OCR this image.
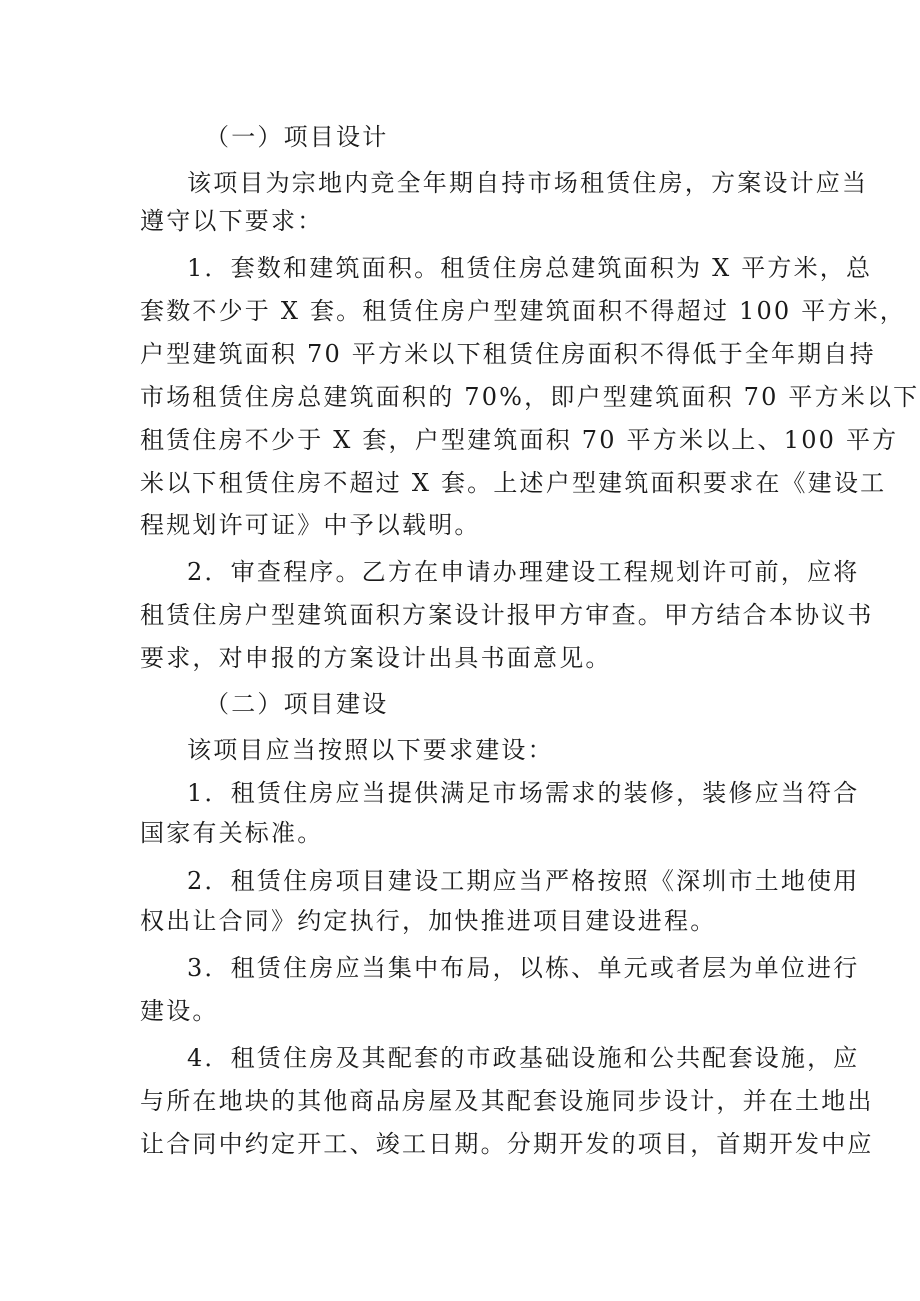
（一）项目设计
该项目为宗地内竞全年期自持市场租赁住房，方案设计应当
遵守以下要求：
1．套数和建筑面积。租赁住房总建筑面积为 X 平方米，总
套数不少于 X 套。租赁住房户型建筑面积不得超过 100 平方米，
户型建筑面积 70 平方米以下租赁住房面积不得低于全年期自持
市场租赁住房总建筑面积的 70%，即户型建筑面积 70 平方米以下
租赁住房不少于 X 套，户型建筑面积 70 平方米以上、100 平方
米以下租赁住房不超过 X 套。上述户型建筑面积要求在《建设工
程规划许可证》中予以载明。
2．审查程序。乙方在申请办理建设工程规划许可前，应将
租赁住房户型建筑面积方案设计报甲方审查。甲方结合本协议书
要求，对申报的方案设计出具书面意见。
（二）项目建设
该项目应当按照以下要求建设：
1．租赁住房应当提供满足市场需求的装修，装修应当符合
国家有关标准。
2．租赁住房项目建设工期应当严格按照《深圳市土地使用
权出让合同》约定执行，加快推进项目建设进程。
3．租赁住房应当集中布局，以栋、单元或者层为单位进行
建设。
4．租赁住房及其配套的市政基础设施和公共配套设施，应
与所在地块的其他商品房屋及其配套设施同步设计，并在土地出
让合同中约定开工、竣工日期。分期开发的项目，首期开发中应
